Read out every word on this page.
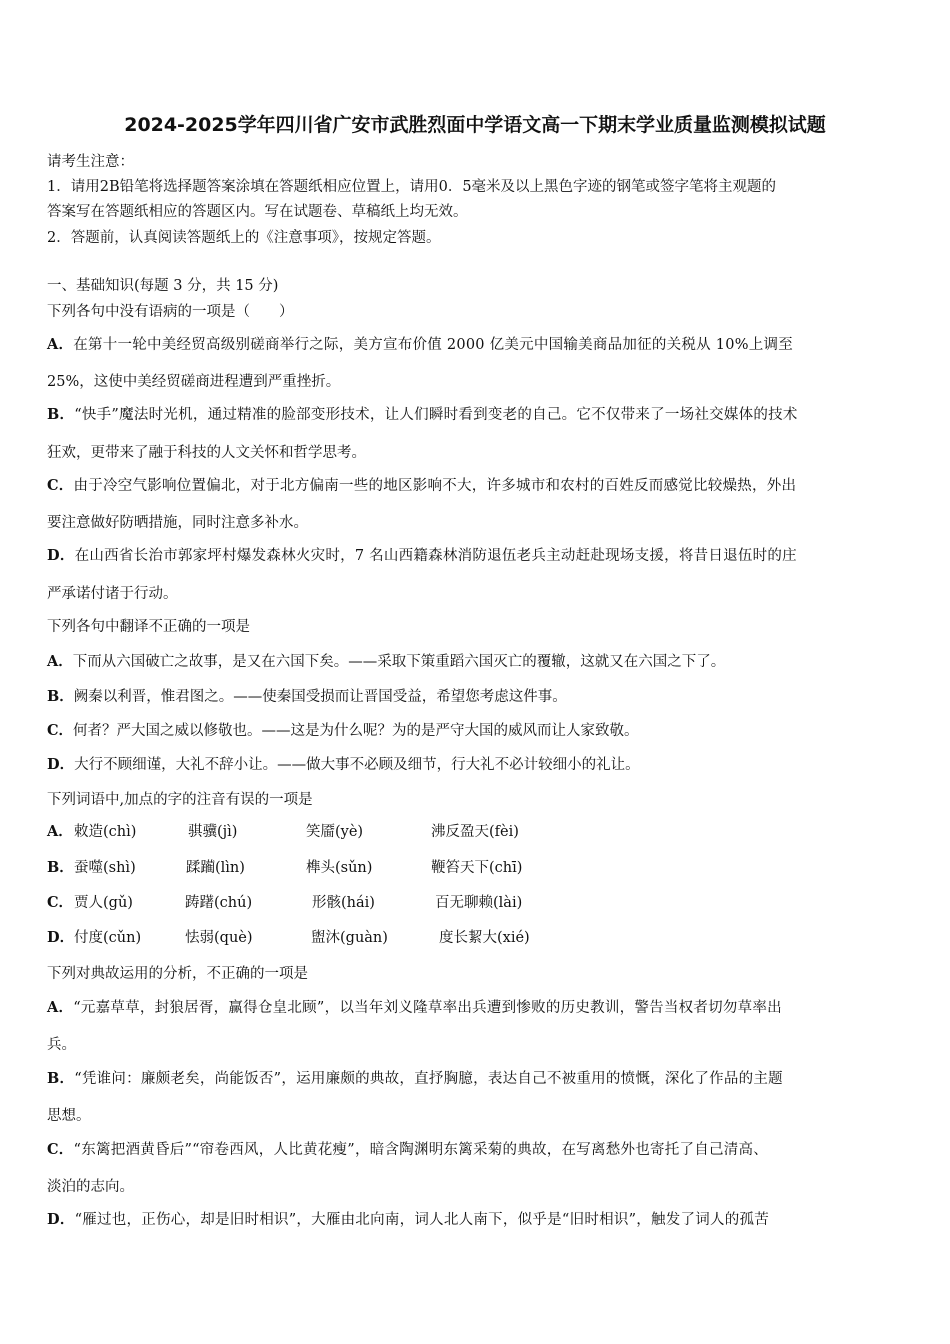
2024-2025学年四川省广安市武胜烈面中学语文高一下期末学业质量监测模拟试题
请考生注意：
1．请用2B铅笔将选择题答案涂填在答题纸相应位置上，请用0．5毫米及以上黑色字迹的钢笔或签字笔将主观题的
答案写在答题纸相应的答题区内。写在试题卷、草稿纸上均无效。
2．答题前，认真阅读答题纸上的《注意事项》，按规定答题。
一、基础知识(每题 3 分，共 15 分)
下列各句中没有语病的一项是（　　）
A．在第十一轮中美经贸高级别磋商举行之际，美方宣布价值 2000 亿美元中国输美商品加征的关税从 10%上调至
25%，这使中美经贸磋商进程遭到严重挫折。
B．“快手”魔法时光机，通过精准的脸部变形技术，让人们瞬时看到变老的自己。它不仅带来了一场社交媒体的技术
狂欢，更带来了融于科技的人文关怀和哲学思考。
C．由于冷空气影响位置偏北，对于北方偏南一些的地区影响不大，许多城市和农村的百姓反而感觉比较燥热，外出
要注意做好防晒措施，同时注意多补水。
D．在山西省长治市郭家坪村爆发森林火灾时，7 名山西籍森林消防退伍老兵主动赶赴现场支援，将昔日退伍时的庄
严承诺付诸于行动。
下列各句中翻译不正确的一项是
A．下而从六国破亡之故事，是又在六国下矣。——采取下策重蹈六国灭亡的覆辙，这就又在六国之下了。
B．阙秦以利晋，惟君图之。——使秦国受损而让晋国受益，希望您考虑这件事。
C．何者？严大国之威以修敬也。——这是为什么呢？为的是严守大国的威风而让人家致敬。
D．大行不顾细谨，大礼不辞小让。——做大事不必顾及细节，行大礼不必计较细小的礼让。
下列词语中,加点的字的注音有误的一项是
A． 敕造(chì)	骐骥(jì)	笑靥(yè)	沸反盈天(fèi)
B． 蚕噬(shì)	蹂躏(lìn)	榫头(sǔn)	鞭笞天下(chī)
C． 贾人(gǔ)	踌躇(chú)	形骸(hái)	百无聊赖(lài)
D． 付度(cǔn)	怯弱(què)	盥沐(guàn)	度长絜大(xié)
下列对典故运用的分析，不正确的一项是
A．“元嘉草草，封狼居胥，赢得仓皇北顾”，以当年刘义隆草率出兵遭到惨败的历史教训，警告当权者切勿草率出
兵。
B．“凭谁问：廉颇老矣，尚能饭否”，运用廉颇的典故，直抒胸臆，表达自己不被重用的愤慨，深化了作品的主题
思想。
C．“东篱把酒黄昏后”“帘卷西风，人比黄花瘦”，暗含陶渊明东篱采菊的典故，在写离愁外也寄托了自己清高、
淡泊的志向。
D．“雁过也，正伤心，却是旧时相识”，大雁由北向南，词人北人南下，似乎是“旧时相识”，触发了词人的孤苦
